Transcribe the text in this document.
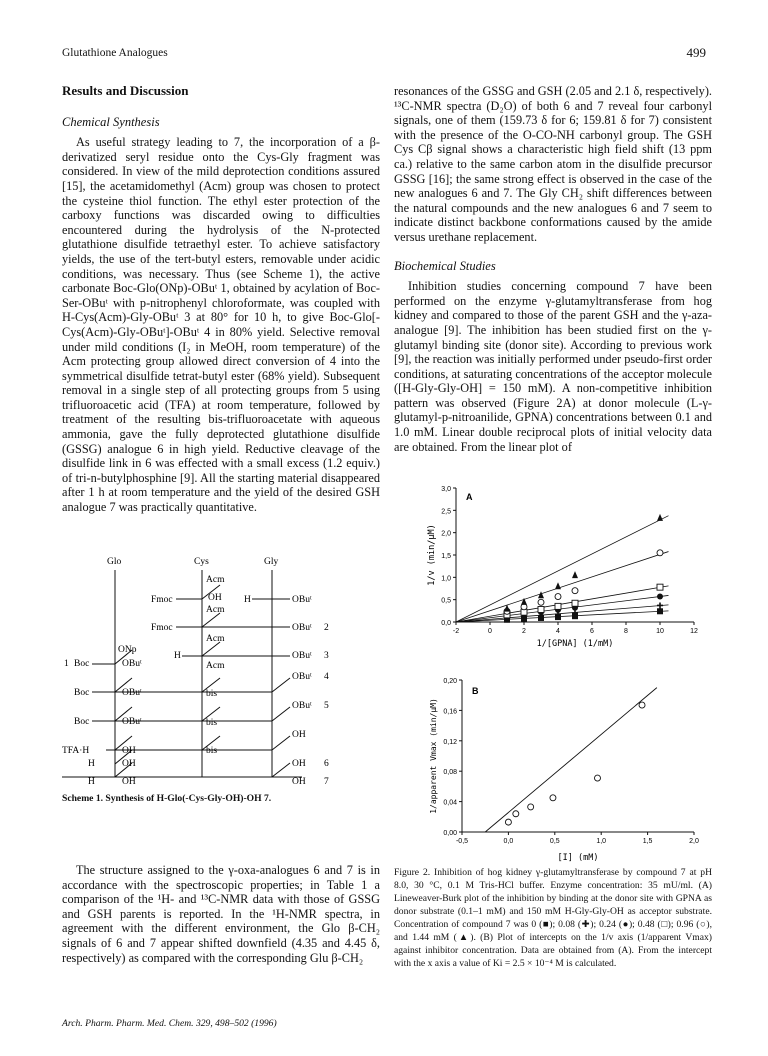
Glutathione Analogues	499
Results and Discussion
Chemical Synthesis

As useful strategy leading to 7, the incorporation of a β-derivatized seryl residue onto the Cys-Gly fragment was considered. In view of the mild deprotection conditions assured [15], the acetamidomethyl (Acm) group was chosen to protect the cysteine thiol function. The ethyl ester protection of the carboxy functions was discarded owing to difficulties encountered during the hydrolysis of the N-protected glutathione disulfide tetraethyl ester. To achieve satisfactory yields, the use of the tert-butyl esters, removable under acidic conditions, was necessary. Thus (see Scheme 1), the active carbonate Boc-Glo(ONp)-OBuᵗ 1, obtained by acylation of Boc-Ser-OBuᵗ with p-nitrophenyl chloroformate, was coupled with H-Cys(Acm)-Gly-OBuᵗ 3 at 80° for 10 h, to give Boc-Glo[-Cys(Acm)-Gly-OBuᵗ]-OBuᵗ 4 in 80% yield. Selective removal under mild conditions (I₂ in MeOH, room temperature) of the Acm protecting group allowed direct conversion of 4 into the symmetrical disulfide tetrat-butyl ester (68% yield). Subsequent removal in a single step of all protecting groups from 5 using trifluoroacetic acid (TFA) at room temperature, followed by treatment of the resulting bis-trifluoroacetate with aqueous ammonia, gave the fully deprotected glutathione disulfide (GSSG) analogue 6 in high yield. Reductive cleavage of the disulfide link in 6 was effected with a small excess (1.2 equiv.) of tri-n-butylphosphine [9]. All the starting material disappeared after 1 h at room temperature and the yield of the desired GSH analogue 7 was practically quantitative.

Glo	Cys	Gly
Acm
OH
Fmoc
Acm
H	OBuᵗ
Fmoc	OBuᵗ 2
Acm
H	OBuᵗ 3
ONp
1 Boc	OBuᵗ	Acm
OBuᵗ 4
Boc	OBuᵗ	bis
OBuᵗ 5
Boc	OBuᵗ	bis
OH
TFA·H	OH	bis
OH 6
H	OH
OH 7
H	OH
Scheme 1. Synthesis of H-Glo(-Cys-Gly-OH)-OH 7.

The structure assigned to the γ-oxa-analogues 6 and 7 is in accordance with the spectroscopic properties; in Table 1 a comparison of the ¹H- and ¹³C-NMR data with those of GSSG and GSH parents is reported. In the ¹H-NMR spectra, in agreement with the different environment, the Glo β-CH₂ signals of 6 and 7 appear shifted downfield (4.35 and 4.45 δ, respectively) as compared with the corresponding Glu β-CH₂

resonances of the GSSG and GSH (2.05 and 2.1 δ, respectively). ¹³C-NMR spectra (D₂O) of both 6 and 7 reveal four carbonyl signals, one of them (159.73 δ for 6; 159.81 δ for 7) consistent with the presence of the O-CO-NH carbonyl group. The GSH Cys Cβ signal shows a characteristic high field shift (13 ppm ca.) relative to the same carbon atom in the disulfide precursor GSSG [16]; the same strong effect is observed in the case of the new analogues 6 and 7. The Gly CH₂ shift differences between the natural compounds and the new analogues 6 and 7 seem to indicate distinct backbone conformations caused by the amide versus urethane replacement.

Biochemical Studies

Inhibition studies concerning compound 7 have been performed on the enzyme γ-glutamyltransferase from hog kidney and compared to those of the parent GSH and the γ-aza-analogue [9]. The inhibition has been studied first on the γ-glutamyl binding site (donor site). According to previous work [9], the reaction was initially performed under pseudo-first order conditions, at saturating concentrations of the acceptor molecule ([H-Gly-Gly-OH] = 150 mM). A non-competitive inhibition pattern was observed (Figure 2A) at donor molecule (L-γ-glutamyl-p-nitroanilide, GPNA) concentrations between 0.1 and 1.0 mM. Linear double reciprocal plots of initial velocity data are obtained. From the linear plot of

0,0
0,5
1,0
1,5
2,0
2,5
3,0
-2	0	2	4	6	8	10	12
A
1/[GPNA] (1/mM)
1/v (min/μM)
0,00
0,04
0,08
0,12
0,16
0,20
-0,5	0,0	0,5	1,0	1,5	2,0
B
[I] (mM)
1/apparent Vmax (min/μM)
Figure 2. Inhibition of hog kidney γ-glutamyltransferase by compound 7 at pH 8.0, 30 °C, 0.1 M Tris-HCl buffer. Enzyme concentration: 35 mU/ml. (A) Lineweaver-Burk plot of the inhibition by binding at the donor site with GPNA as donor substrate (0.1–1 mM) and 150 mM H-Gly-Gly-OH as acceptor substrate. Concentration of compound 7 was 0 (■); 0.08 (✚); 0.24 (●); 0.48 (□); 0.96 (○), and 1.44 mM (▲). (B) Plot of intercepts on the 1/v axis (1/apparent Vmax) against inhibitor concentration. Data are obtained from (A). From the intercept with the x axis a value of Ki = 2.5 × 10⁻⁴ M is calculated.
Arch. Pharm. Pharm. Med. Chem. 329, 498–502 (1996)
